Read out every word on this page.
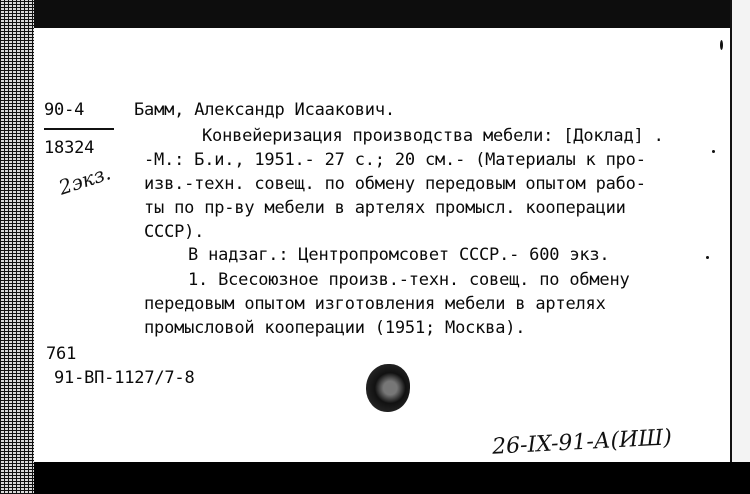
90-4
18324
2экз.
Бамм, Александр Исаакович.
Конвейеризация производства мебели: [Доклад] .
-М.: Б.и., 1951.- 27 с.; 20 см.- (Материалы к про-
изв.-техн. совещ. по обмену передовым опытом рабо-
ты по пр-ву мебели в артелях промысл. кооперации
СССР).
В надзаг.: Центропромсовет СССР.- 600 экз.
1. Всесоюзное произв.-техн. совещ. по обмену
передовым опытом изготовления мебели в артелях
промысловой кооперации (1951; Москва).
761
91-ВП-1127/7-8
26-IX-91-А(ИШ)
